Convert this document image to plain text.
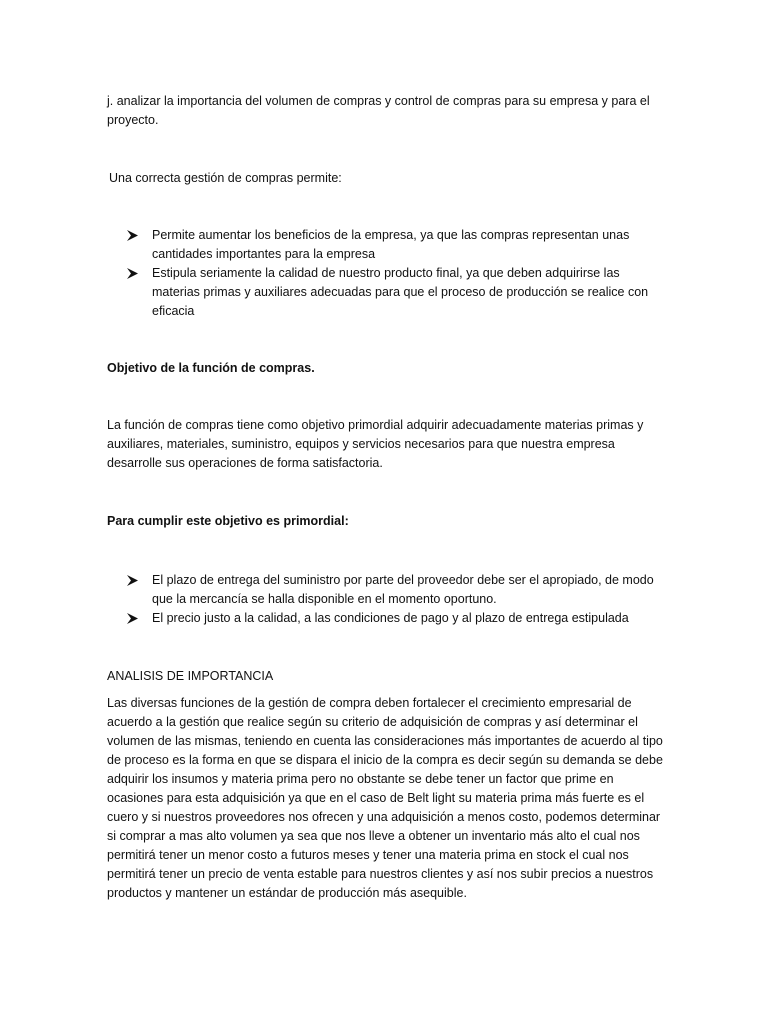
j. analizar la importancia del volumen de compras y control de compras para su empresa y para el proyecto.

Una correcta gestión de compras permite:

Permite aumentar los beneficios de la empresa, ya que las compras representan unas cantidades importantes para la empresa
Estipula seriamente la calidad de nuestro producto final, ya que deben adquirirse las materias primas y auxiliares adecuadas para que el proceso de producción se realice con eficacia

Objetivo de la función de compras.

La función de compras tiene como objetivo primordial adquirir adecuadamente materias primas y auxiliares, materiales, suministro, equipos y servicios necesarios para que nuestra empresa desarrolle sus operaciones de forma satisfactoria.

Para cumplir este objetivo es primordial:

El plazo de entrega del suministro por parte del proveedor debe ser el apropiado, de modo que la mercancía se halla disponible en el momento oportuno.
El precio justo a la calidad, a las condiciones de pago y al plazo de entrega estipulada

ANALISIS DE IMPORTANCIA

Las diversas funciones de la gestión de compra deben fortalecer el crecimiento empresarial de acuerdo a la gestión que realice según su criterio de adquisición de compras y así determinar el volumen de las mismas, teniendo en cuenta las consideraciones más importantes de acuerdo al tipo de proceso es la forma en que se dispara el inicio de la compra es decir según su demanda se debe adquirir los insumos y materia prima pero no obstante se debe tener un factor que prime en ocasiones para esta adquisición ya que en el caso de Belt light su materia prima más fuerte es el cuero y si nuestros proveedores nos ofrecen y una adquisición a menos costo, podemos determinar si comprar a mas alto volumen ya sea que nos lleve a obtener un inventario más alto el cual nos permitirá tener un menor costo a futuros meses y tener una materia prima en stock el cual nos permitirá tener un precio de venta estable para nuestros clientes y así nos subir precios a nuestros productos y mantener un estándar de producción más asequible.
